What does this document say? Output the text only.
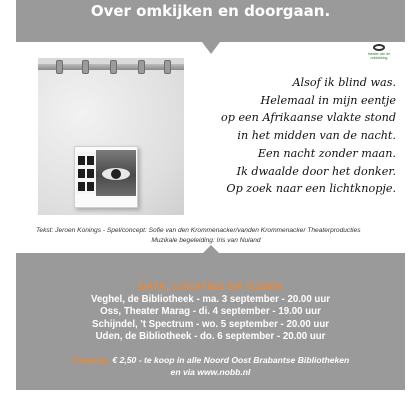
Over omkijken en doorgaan.
theater van de ontdekking
Alsof ik blind was.
Helemaal in mijn eentje
op een Afrikaanse vlakte stond
in het midden van de nacht.
Een nacht zonder maan.
Ik dwaalde door het donker.
Op zoek naar een lichtknopje.
Tekst: Jeroen Konings - Spel/concept: Sofie van den Krommenacker/vanden Krommenacker Theaterproducties
Muzikale begeleiding: Iris van Nuland
DATA, LOCATIES EN TIJDEN
Veghel, de Bibliotheek - ma. 3 september - 20.00 uur
Oss, Theater Marag - di. 4 september - 19.00 uur
Schijndel, 't Spectrum - wo. 5 september - 20.00 uur
Uden, de Bibliotheek - do. 6 september - 20.00 uur
Toegang: € 2,50 - te koop in alle Noord Oost Brabantse Bibliotheken
en via www.nobb.nl
